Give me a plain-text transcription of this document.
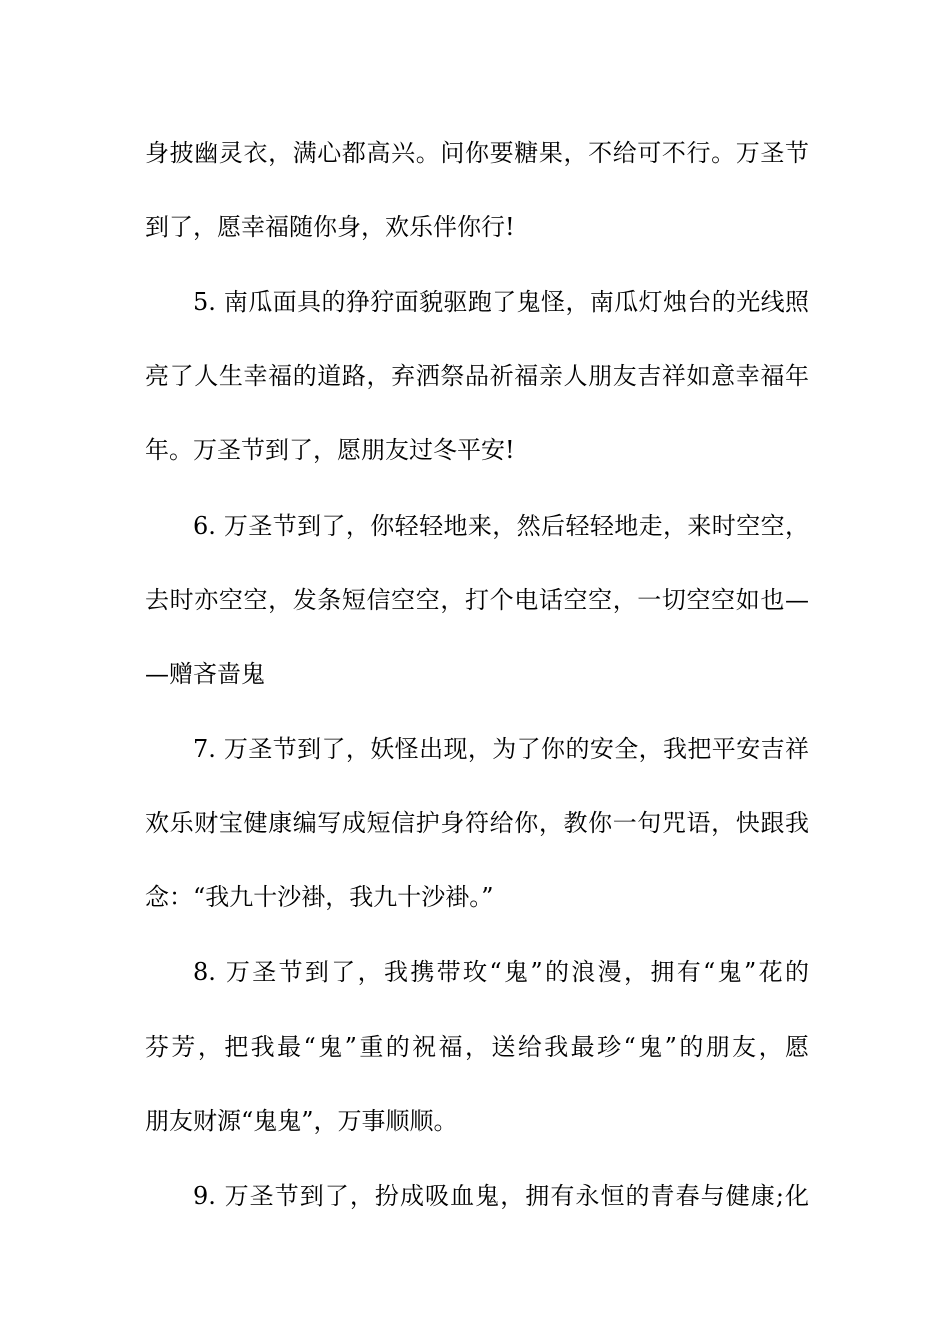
身披幽灵衣，满心都高兴。问你要糖果，不给可不行。万圣节
到了，愿幸福随你身，欢乐伴你行!
5. 南瓜面具的狰狞面貌驱跑了鬼怪，南瓜灯烛台的光线照
亮了人生幸福的道路，弃洒祭品祈福亲人朋友吉祥如意幸福年
年。万圣节到了，愿朋友过冬平安!
6. 万圣节到了，你轻轻地来，然后轻轻地走，来时空空，
去时亦空空，发条短信空空，打个电话空空，一切空空如也—
—赠吝啬鬼
7. 万圣节到了，妖怪出现，为了你的安全，我把平安吉祥
欢乐财宝健康编写成短信护身符给你，教你一句咒语，快跟我
念：“我九十沙褂，我九十沙褂。”
8. 万圣节到了，我携带玫“鬼”的浪漫，拥有“鬼”花的
芬芳，把我最“鬼”重的祝福，送给我最珍“鬼”的朋友，愿
朋友财源“鬼鬼”，万事顺顺。
9. 万圣节到了，扮成吸血鬼，拥有永恒的青春与健康;化
